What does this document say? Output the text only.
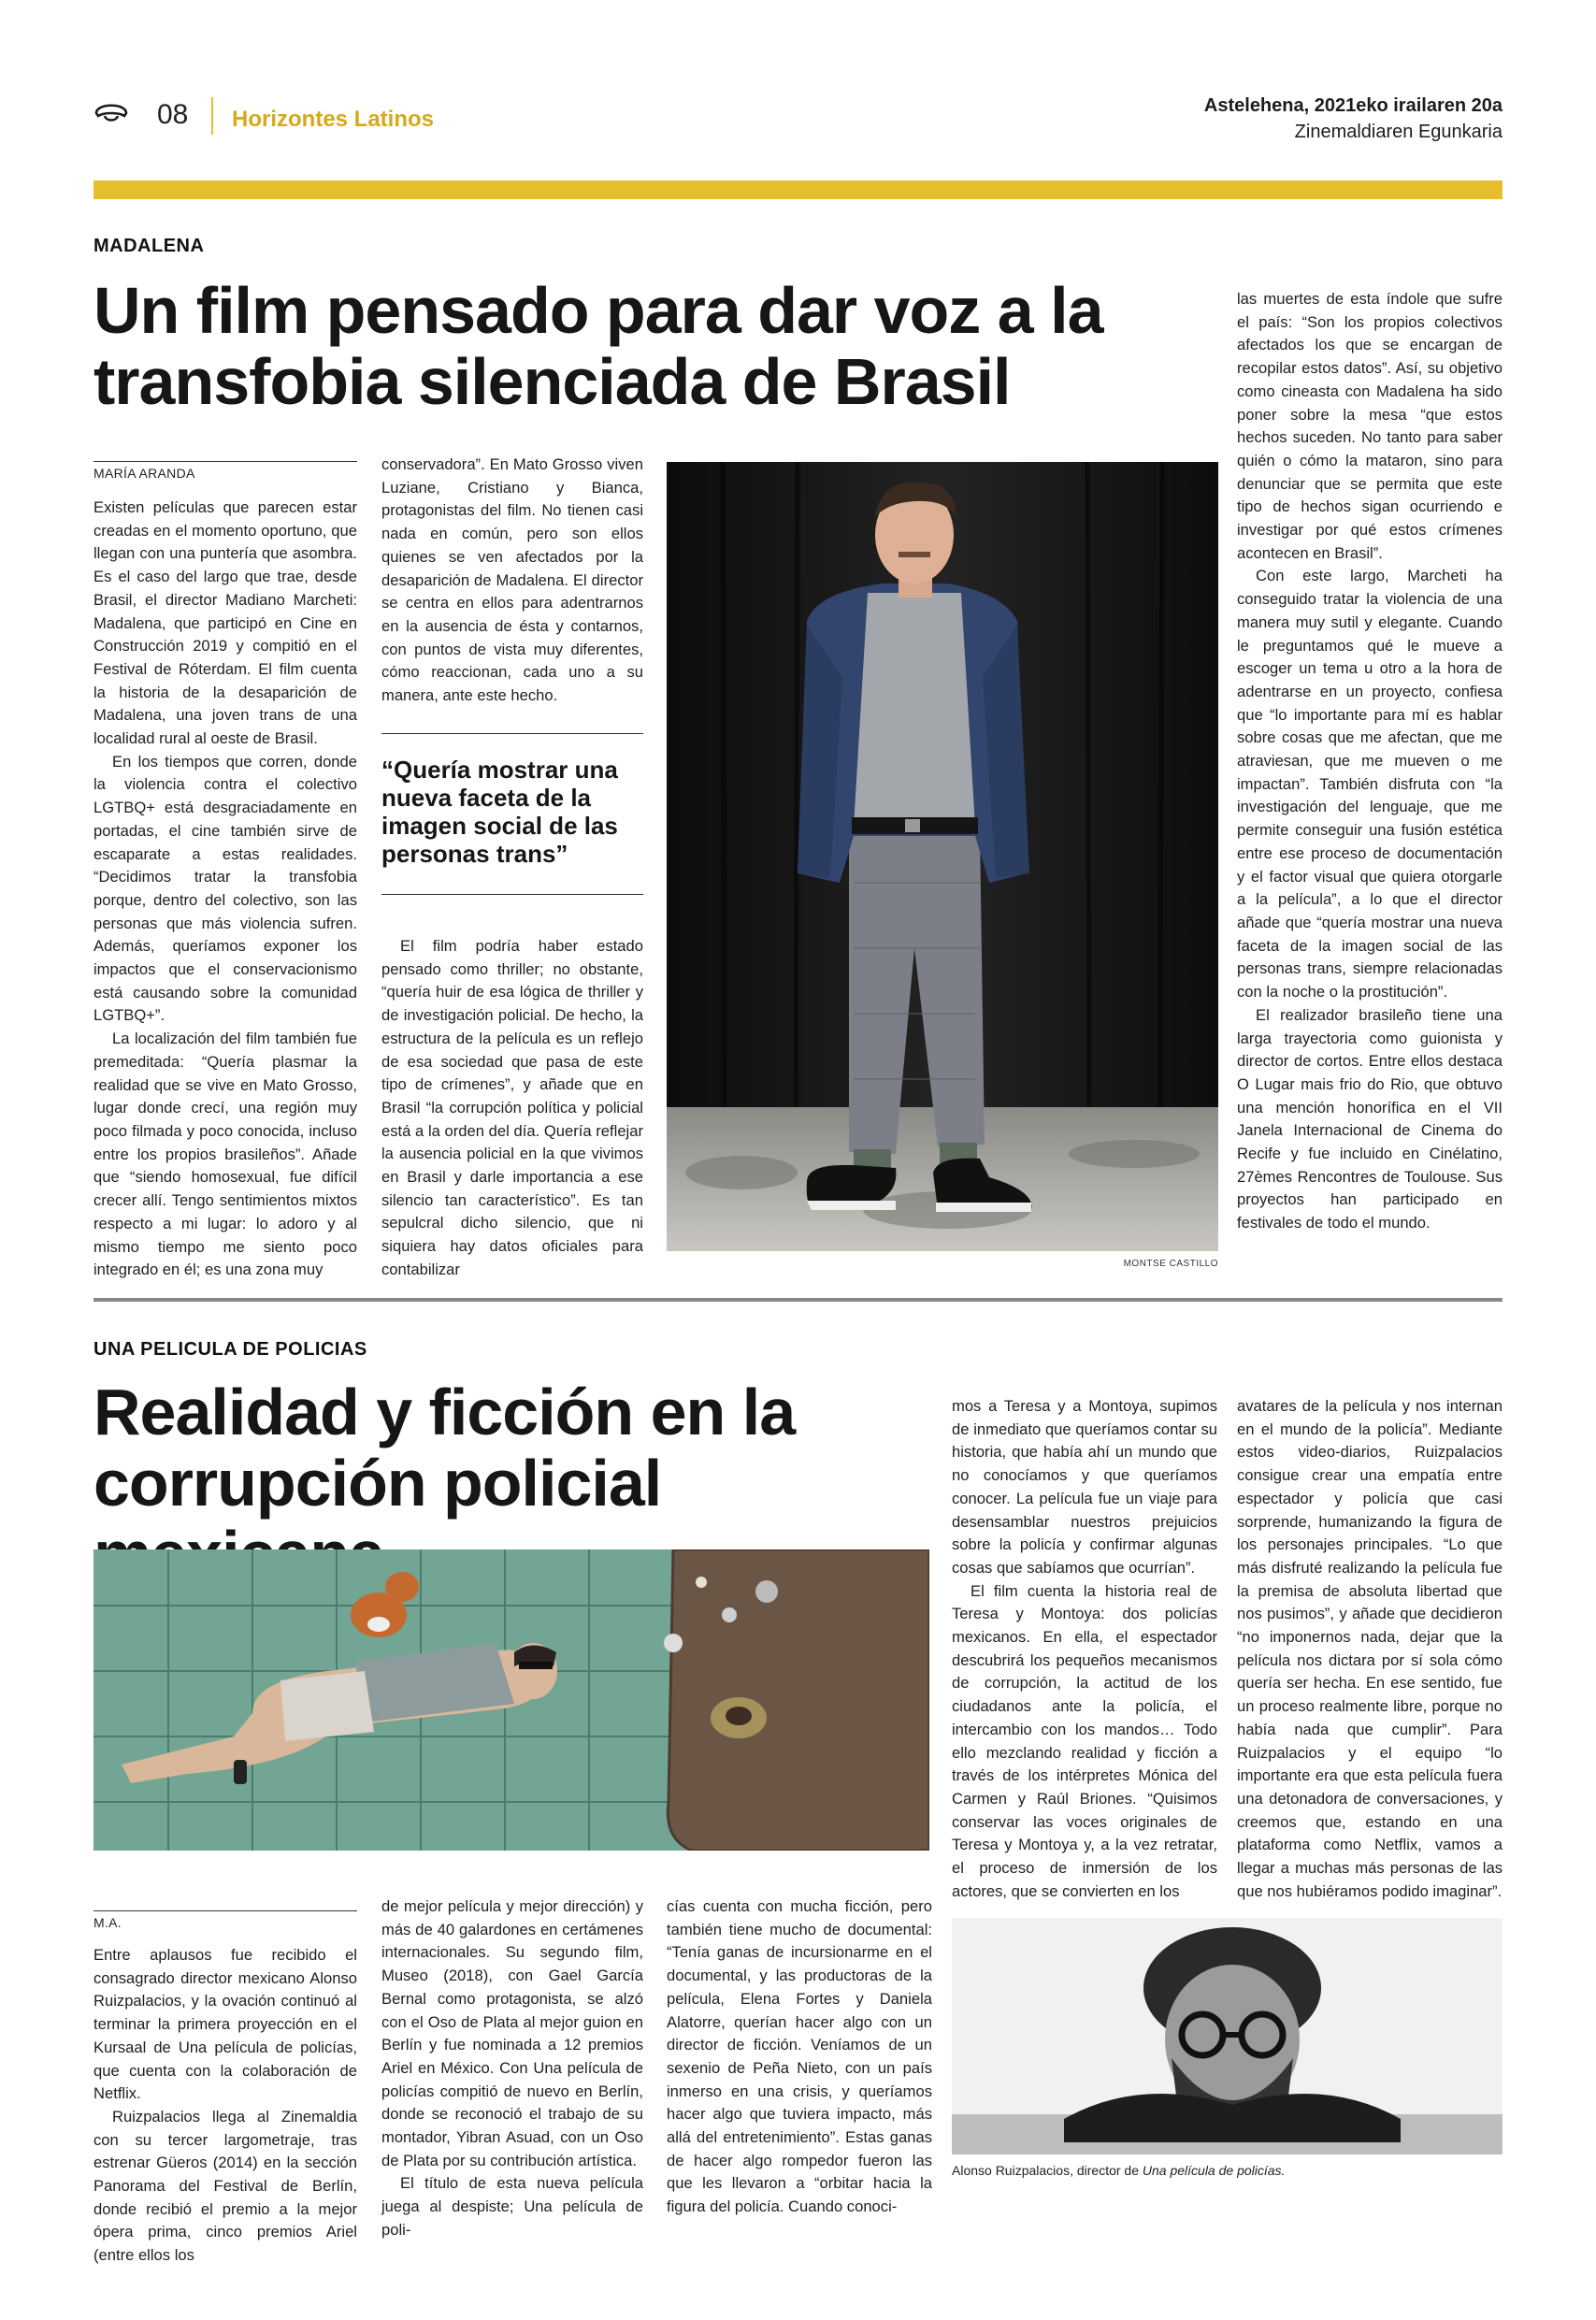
08 Horizontes Latinos
Astelehena, 2021eko irailaren 20a
Zinemaldiaren Egunkaria
MADALENA
Un film pensado para dar voz a la transfobia silenciada de Brasil
MARÍA ARANDA

Existen películas que parecen estar creadas en el momento oportuno, que llegan con una puntería que asombra. Es el caso del largo que trae, desde Brasil, el director Madiano Marcheti: Madalena, que participó en Cine en Construcción 2019 y compitió en el Festival de Róterdam. El film cuenta la historia de la desaparición de Madalena, una joven trans de una localidad rural al oeste de Brasil.

En los tiempos que corren, donde la violencia contra el colectivo LGTBQ+ está desgraciadamente en portadas, el cine también sirve de escaparate a estas realidades. “Decidimos tratar la transfobia porque, dentro del colectivo, son las personas que más violencia sufren. Además, queríamos exponer los impactos que el conservacionismo está causando sobre la comunidad LGTBQ+”.

La localización del film también fue premeditada: “Quería plasmar la realidad que se vive en Mato Grosso, lugar donde crecí, una región muy poco filmada y poco conocida, incluso entre los propios brasileños”. Añade que “siendo homosexual, fue difícil crecer allí. Tengo sentimientos mixtos respecto a mi lugar: lo adoro y al mismo tiempo me siento poco integrado en él; es una zona muy

conservadora”. En Mato Grosso viven Luziane, Cristiano y Bianca, protagonistas del film. No tienen casi nada en común, pero son ellos quienes se ven afectados por la desaparición de Madalena. El director se centra en ellos para adentrarnos en la ausencia de ésta y contarnos, con puntos de vista muy diferentes, cómo reaccionan, cada uno a su manera, ante este hecho.

“Quería mostrar una nueva faceta de la imagen social de las personas trans”

El film podría haber estado pensado como thriller; no obstante, “quería huir de esa lógica de thriller y de investigación policial. De hecho, la estructura de la película es un reflejo de esa sociedad que pasa de este tipo de crímenes”, y añade que en Brasil “la corrupción política y policial está a la orden del día. Quería reflejar la ausencia policial en la que vivimos en Brasil y darle importancia a ese silencio tan característico”. Es tan sepulcral dicho silencio, que ni siquiera hay datos oficiales para contabilizar	MONTSE CASTILLO

las muertes de esta índole que sufre el país: “Son los propios colectivos afectados los que se encargan de recopilar estos datos”. Así, su objetivo como cineasta con Madalena ha sido poner sobre la mesa “que estos hechos suceden. No tanto para saber quién o cómo la mataron, sino para denunciar que se permita que este tipo de hechos sigan ocurriendo e investigar por qué estos crímenes acontecen en Brasil”.

Con este largo, Marcheti ha conseguido tratar la violencia de una manera muy sutil y elegante. Cuando le preguntamos qué le mueve a escoger un tema u otro a la hora de adentrarse en un proyecto, confiesa que “lo importante para mí es hablar sobre cosas que me afectan, que me atraviesan, que me mueven o me impactan”. También disfruta con “la investigación del lenguaje, que me permite conseguir una fusión estética entre ese proceso de documentación y el factor visual que quiera otorgarle a la película”, a lo que el director añade que “quería mostrar una nueva faceta de la imagen social de las personas trans, siempre relacionadas con la noche o la prostitución”.

El realizador brasileño tiene una larga trayectoria como guionista y director de cortos. Entre ellos destaca O Lugar mais frio do Rio, que obtuvo una mención honorífica en el VII Janela Internacional de Cinema do Recife y fue incluido en Cinélatino, 27èmes Rencontres de Toulouse. Sus proyectos han participado en festivales de todo el mundo.

UNA PELICULA DE POLICIAS
Realidad y ficción en la corrupción policial

mos a Teresa y a Montoya, supimos de inmediato que queríamos contar su historia, que había ahí un mundo que no conocíamos y que queríamos conocer. La película fue un viaje para desensamblar nuestros prejuicios sobre la policía y confirmar algunas cosas que sabíamos que ocurrían”.

El film cuenta la historia real de Teresa y Montoya: dos policías mexicanos. En ella, el espectador descubrirá los pequeños mecanismos de corrupción, la actitud de los ciudadanos ante la policía, el intercambio con los mandos… Todo ello mezclando realidad y ficción a través de los intérpretes Mónica del Carmen y Raúl Briones. “Quisimos conservar las voces originales de Teresa y Montoya y, a la vez retratar, el proceso de inmersión de los actores, que se convierten en los

avatares de la película y nos internan en el mundo de la policía”. Mediante estos video-diarios, Ruizpalacios consigue crear una empatía entre espectador y policía que casi sorprende, humanizando la figura de los personajes principales. “Lo que más disfruté realizando la película fue la premisa de absoluta libertad que nos pusimos”, y añade que decidieron “no imponernos nada, dejar que la película nos dictara por sí sola cómo quería ser hecha. En ese sentido, fue un proceso realmente libre, porque no había nada que cumplir”. Para Ruizpalacios y el equipo “lo importante era que esta película fuera una detonadora de conversaciones, y creemos que, estando en una plataforma como Netflix, vamos a llegar a muchas más personas de las que nos hubiéramos podido imaginar”.

M.A.

Entre aplausos fue recibido el consagrado director mexicano Alonso Ruizpalacios, y la ovación continuó al terminar la primera proyección en el Kursaal de Una película de policías, que cuenta con la colaboración de Netflix.

Ruizpalacios llega al Zinemaldia con su tercer largometraje, tras estrenar Güeros (2014) en la sección Panorama del Festival de Berlín, donde recibió el premio a la mejor ópera prima, cinco premios Ariel (entre ellos los

de mejor película y mejor dirección) y más de 40 galardones en certámenes internacionales. Su segundo film, Museo (2018), con Gael García Bernal como protagonista, se alzó con el Oso de Plata al mejor guion en Berlín y fue nominada a 12 premios Ariel en México. Con Una película de policías compitió de nuevo en Berlín, donde se reconoció el trabajo de su montador, Yibran Asuad, con un Oso de Plata por su contribución artística.

El título de esta nueva película juega al despiste; Una película de poli-

cías cuenta con mucha ficción, pero también tiene mucho de documental: “Tenía ganas de incursionarme en el documental, y las productoras de la película, Elena Fortes y Daniela Alatorre, querían hacer algo con un director de ficción. Veníamos de un sexenio de Peña Nieto, con un país inmerso en una crisis, y queríamos hacer algo que tuviera impacto, más allá del entretenimiento”. Estas ganas de hacer algo rompedor fueron las que les llevaron a “orbitar hacia la figura del policía. Cuando conoci-

Alonso Ruizpalacios, director de Una película de policías.
